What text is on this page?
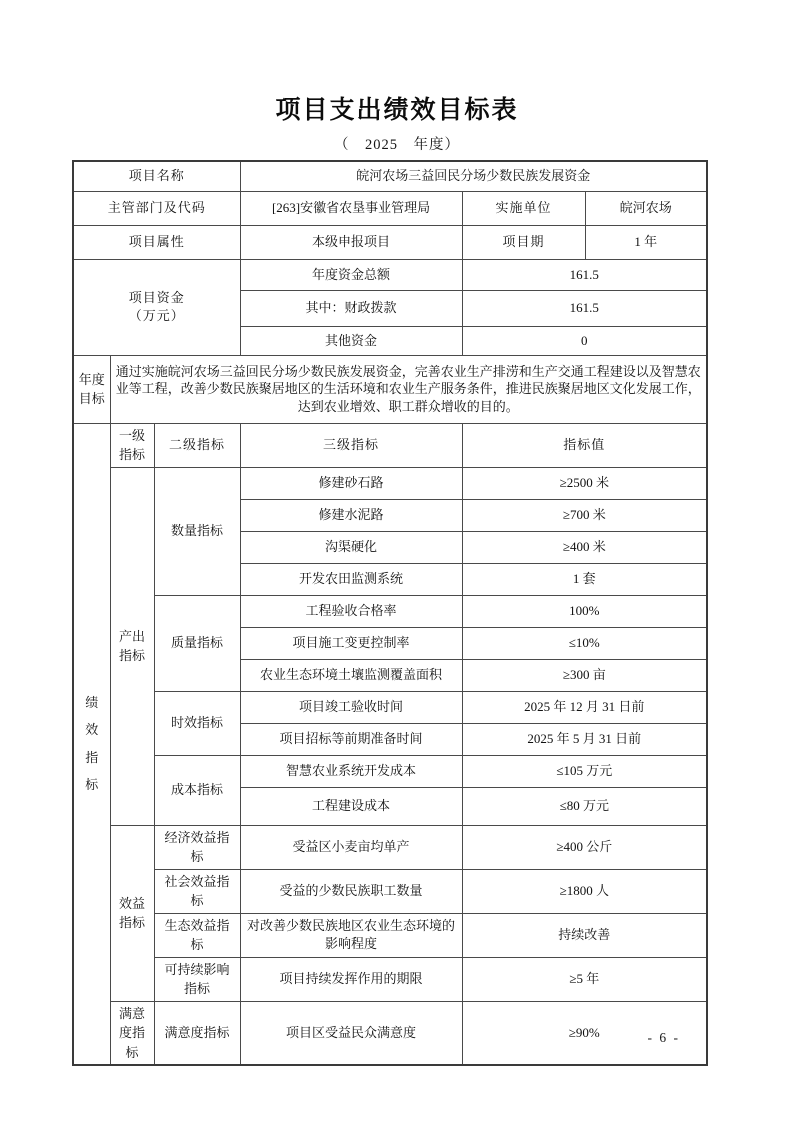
项目支出绩效目标表
（　2025　年度）
项目名称			皖河农场三益回民分场少数民族发展资金		
主管部门及代码			[263]安徽省农垦事业管理局	实施单位	皖河农场
项目属性			本级申报项目	项目期	1 年
项目资金
（万元）			年度资金总额	161.5	
			其中：财政拨款	161.5	
			其他资金	0	
年度目标	通过实施皖河农场三益回民分场少数民族发展资金，完善农业生产排涝和生产交通工程建设以及智慧农业等工程，改善少数民族聚居地区的生活环境和农业生产服务条件，推进民族聚居地区文化发展工作，达到农业增效、职工群众增收的目的。				
绩效指标	一级指标	二级指标	三级指标	指标值	
	产出指标	数量指标	修建砂石路	≥2500 米	
			修建水泥路	≥700 米	
			沟渠硬化	≥400 米	
			开发农田监测系统	1 套	
		质量指标	工程验收合格率	100%	
			项目施工变更控制率	≤10%	
			农业生态环境土壤监测覆盖面积	≥300 亩	
		时效指标	项目竣工验收时间	2025 年 12 月 31 日前	
			项目招标等前期准备时间	2025 年 5 月 31 日前	
		成本指标	智慧农业系统开发成本	≤105 万元	
			工程建设成本	≤80 万元	
	效益指标	经济效益指标	受益区小麦亩均单产	≥400 公斤	
		社会效益指标	受益的少数民族职工数量	≥1800 人	
		生态效益指标	对改善少数民族地区农业生态环境的影响程度	持续改善	
		可持续影响指标	项目持续发挥作用的期限	≥5 年	
	满意度指标	满意度指标	项目区受益民众满意度	≥90%		- 6 -
